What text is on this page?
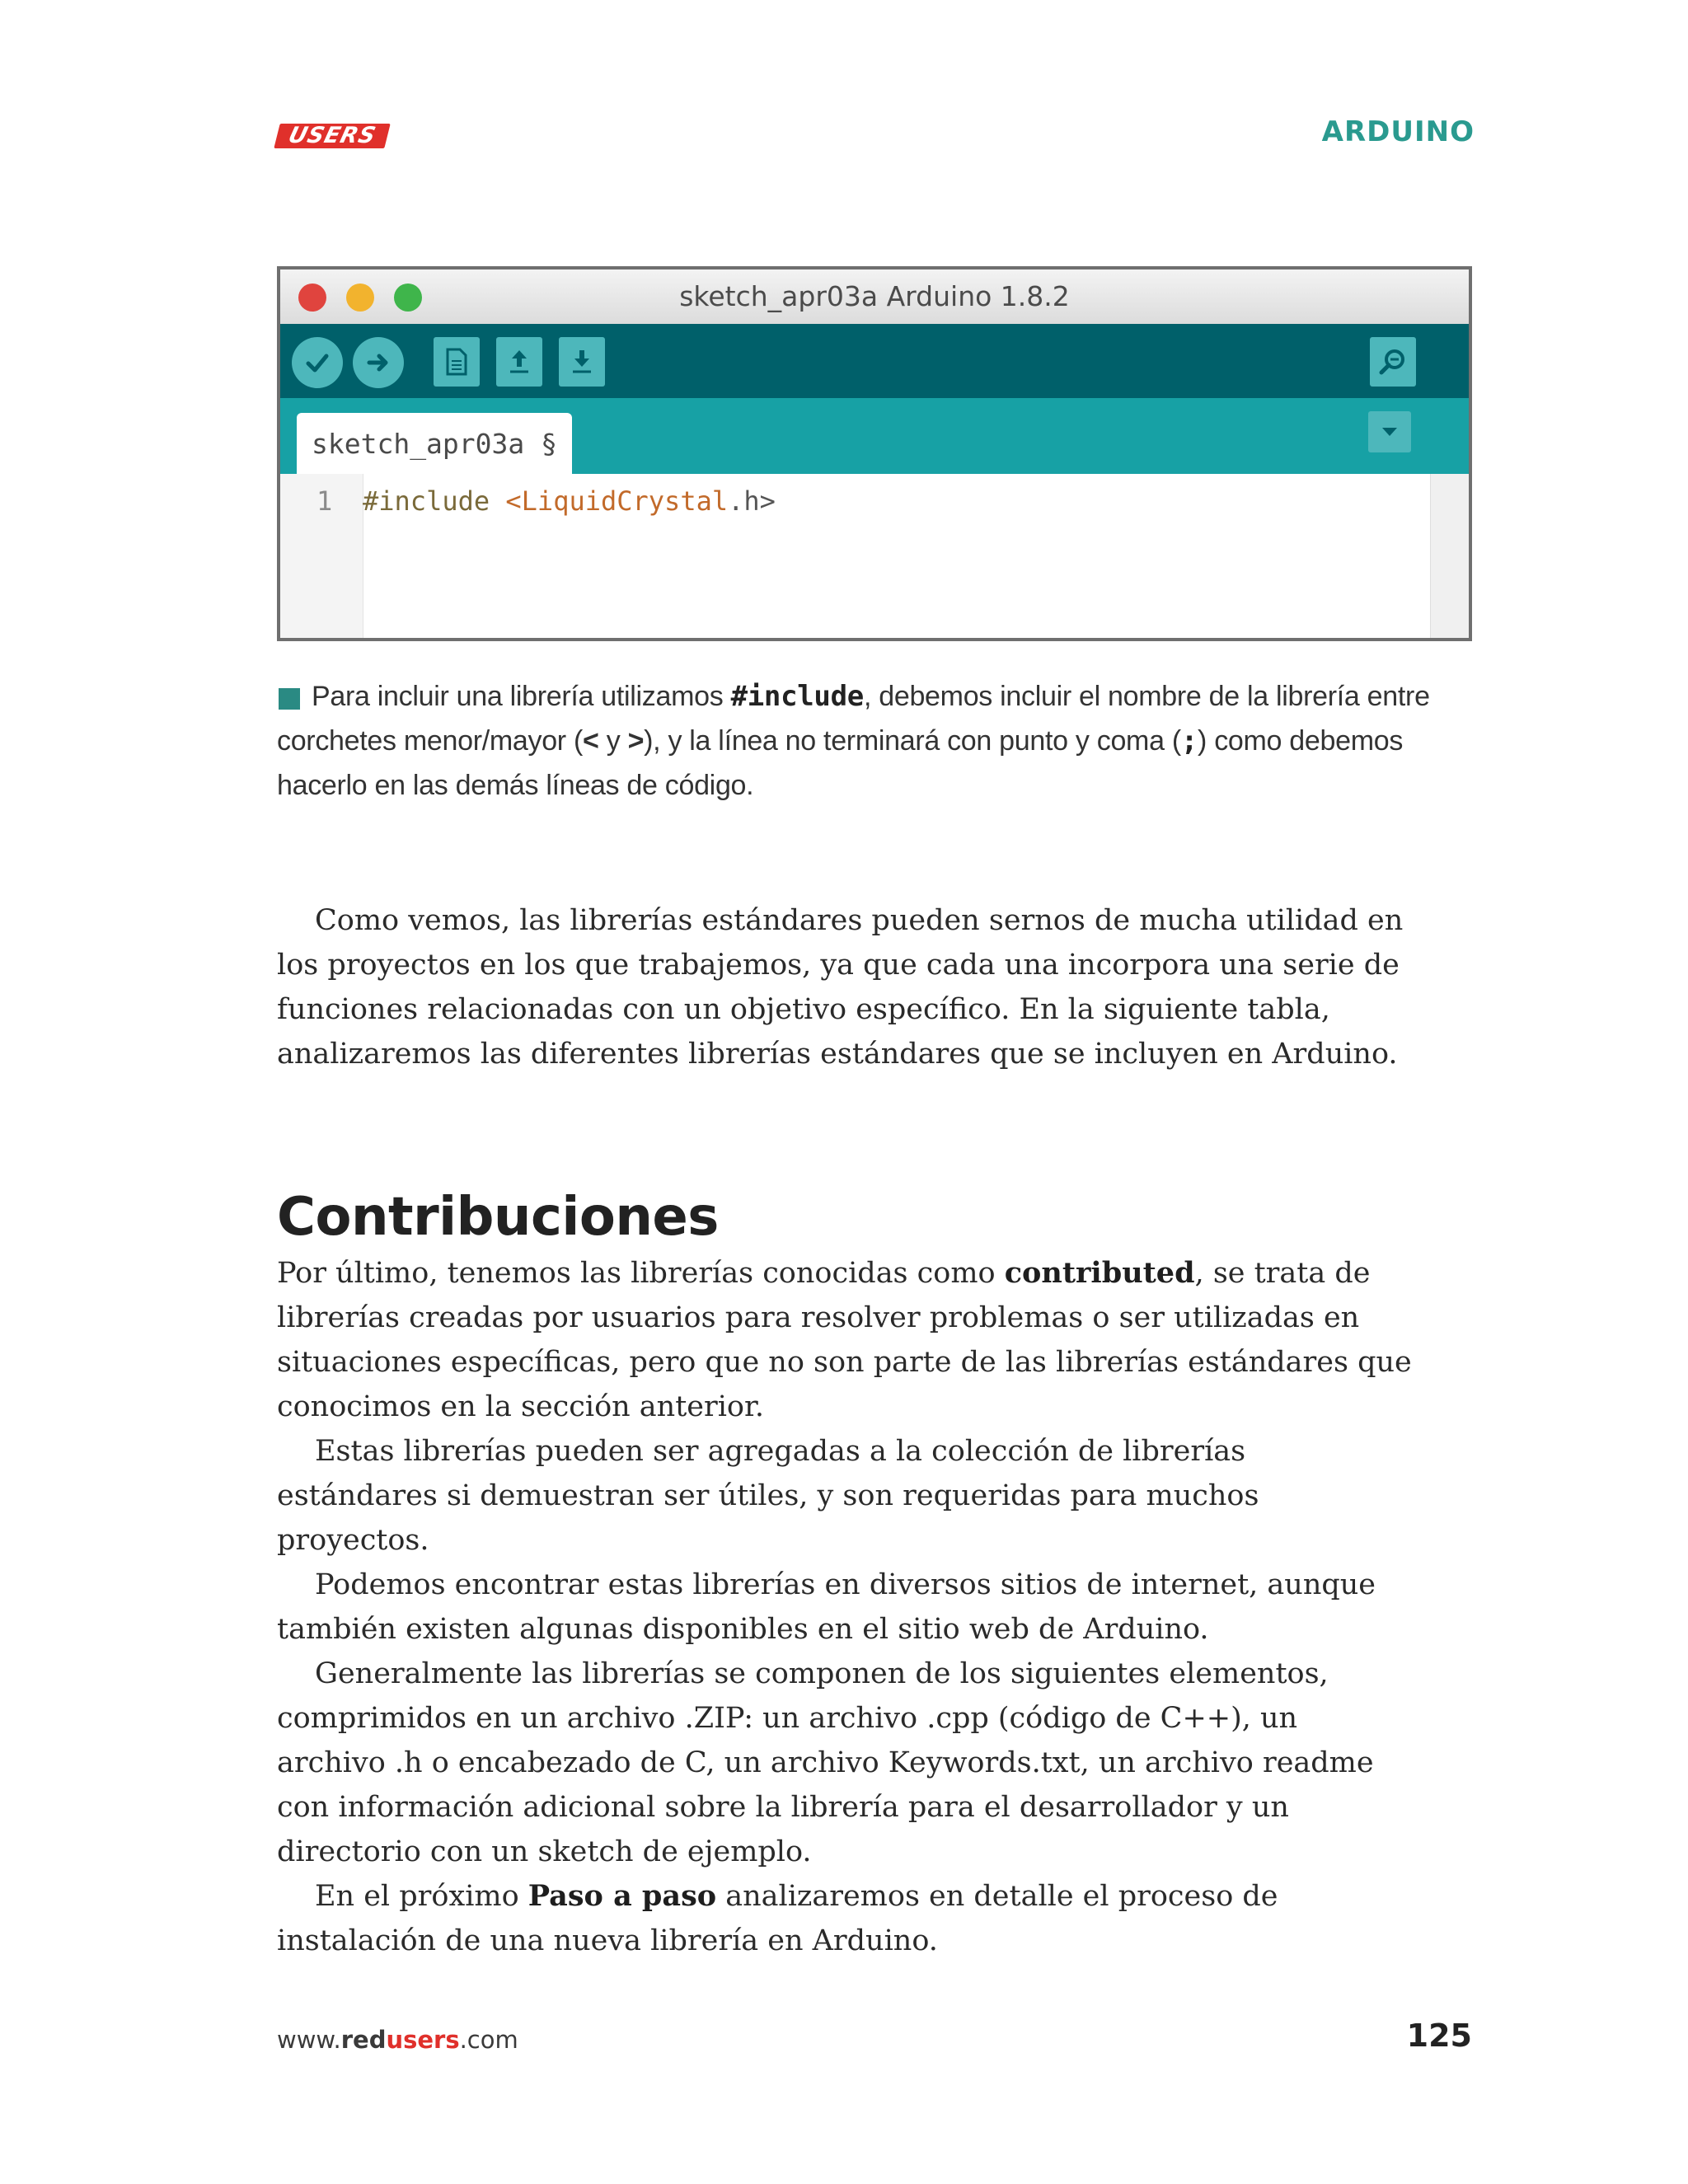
USERS	ARDUINO
sketch_apr03a Arduino 1.8.2
sketch_apr03a §
1 #include <LiquidCrystal.h>
Para incluir una librería utilizamos #include, debemos incluir el nombre de la librería entre corchetes menor/mayor (< y >), y la línea no terminará con punto y coma (;) como debemos hacerlo en las demás líneas de código.
Como vemos, las librerías estándares pueden sernos de mucha utilidad en los proyectos en los que trabajemos, ya que cada una incorpora una serie de funciones relacionadas con un objetivo específico. En la siguiente tabla, analizaremos las diferentes librerías estándares que se incluyen en Arduino.
Contribuciones
Por último, tenemos las librerías conocidas como contributed, se trata de librerías creadas por usuarios para resolver problemas o ser utilizadas en situaciones específicas, pero que no son parte de las librerías estándares que conocimos en la sección anterior.
Estas librerías pueden ser agregadas a la colección de librerías estándares si demuestran ser útiles, y son requeridas para muchos proyectos.
Podemos encontrar estas librerías en diversos sitios de internet, aunque también existen algunas disponibles en el sitio web de Arduino.
Generalmente las librerías se componen de los siguientes elementos, comprimidos en un archivo .ZIP: un archivo .cpp (código de C++), un archivo .h o encabezado de C, un archivo Keywords.txt, un archivo readme con información adicional sobre la librería para el desarrollador y un directorio con un sketch de ejemplo.
En el próximo Paso a paso analizaremos en detalle el proceso de instalación de una nueva librería en Arduino.
www.redusers.com	125
